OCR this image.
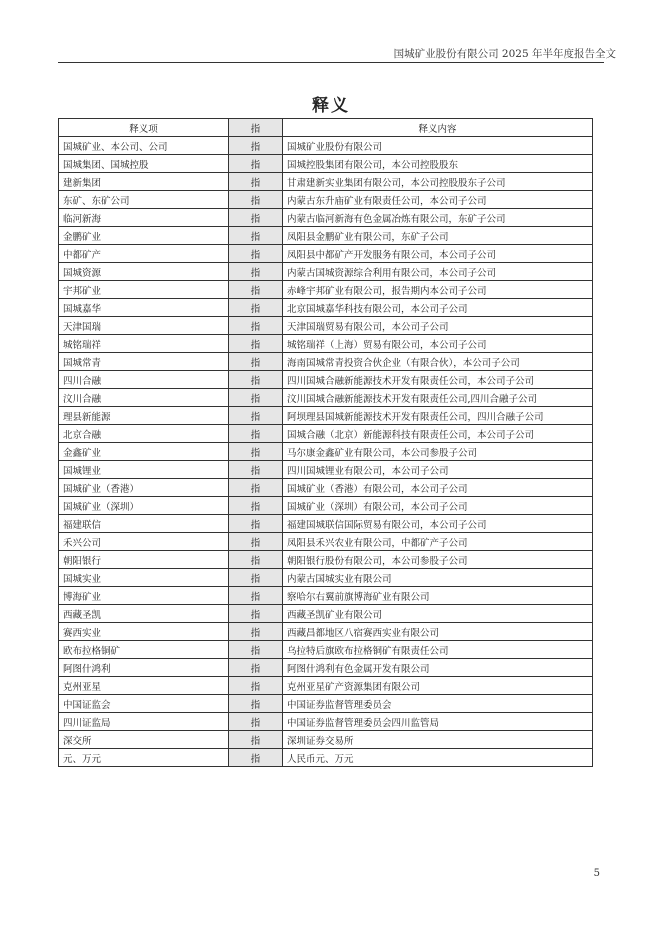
国城矿业股份有限公司 2025 年半年度报告全文
释义
释义项	指	释义内容
国城矿业、本公司、公司	指	国城矿业股份有限公司
国城集团、国城控股	指	国城控股集团有限公司，本公司控股股东
建新集团	指	甘肃建新实业集团有限公司，本公司控股股东子公司
东矿、东矿公司	指	内蒙古东升庙矿业有限责任公司，本公司子公司
临河新海	指	内蒙古临河新海有色金属冶炼有限公司，东矿子公司
金鹏矿业	指	凤阳县金鹏矿业有限公司，东矿子公司
中都矿产	指	凤阳县中都矿产开发服务有限公司，本公司子公司
国城资源	指	内蒙古国城资源综合利用有限公司，本公司子公司
宇邦矿业	指	赤峰宇邦矿业有限公司，报告期内本公司子公司
国城嘉华	指	北京国城嘉华科技有限公司，本公司子公司
天津国瑞	指	天津国瑞贸易有限公司，本公司子公司
城铭瑞祥	指	城铭瑞祥（上海）贸易有限公司，本公司子公司
国城常青	指	海南国城常青投资合伙企业（有限合伙），本公司子公司
四川合融	指	四川国城合融新能源技术开发有限责任公司，本公司子公司
汶川合融	指	汶川国城合融新能源技术开发有限责任公司,四川合融子公司
理县新能源	指	阿坝理县国城新能源技术开发有限责任公司，四川合融子公司
北京合融	指	国城合融（北京）新能源科技有限责任公司，本公司子公司
金鑫矿业	指	马尔康金鑫矿业有限公司，本公司参股子公司
国城锂业	指	四川国城锂业有限公司，本公司子公司
国城矿业（香港）	指	国城矿业（香港）有限公司，本公司子公司
国城矿业（深圳）	指	国城矿业（深圳）有限公司，本公司子公司
福建联信	指	福建国城联信国际贸易有限公司，本公司子公司
禾兴公司	指	凤阳县禾兴农业有限公司，中都矿产子公司
朝阳银行	指	朝阳银行股份有限公司，本公司参股子公司
国城实业	指	内蒙古国城实业有限公司
博海矿业	指	察哈尔右翼前旗博海矿业有限公司
西藏圣凯	指	西藏圣凯矿业有限公司
赛西实业	指	西藏昌都地区八宿赛西实业有限公司
欧布拉格铜矿	指	乌拉特后旗欧布拉格铜矿有限责任公司
阿图什鸿利	指	阿图什鸿利有色金属开发有限公司
克州亚星	指	克州亚星矿产资源集团有限公司
中国证监会	指	中国证券监督管理委员会
四川证监局	指	中国证券监督管理委员会四川监管局
深交所	指	深圳证券交易所
元、万元	指	人民币元、万元
5
